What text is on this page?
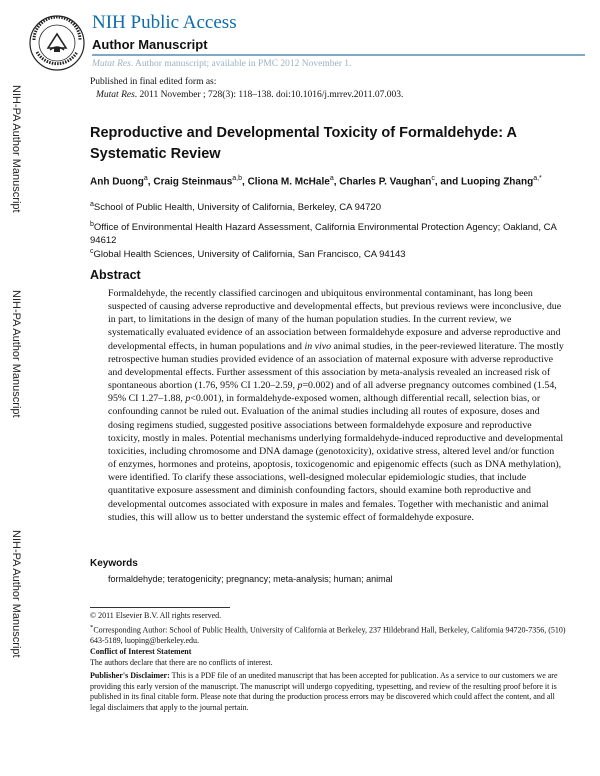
NIH Public Access
Author Manuscript
Mutat Res. Author manuscript; available in PMC 2012 November 1.
Published in final edited form as:
Mutat Res. 2011 November ; 728(3): 118–138. doi:10.1016/j.mrrev.2011.07.003.
NIH-PA Author Manuscript
NIH-PA Author Manuscript
NIH-PA Author Manuscript
Reproductive and Developmental Toxicity of Formaldehyde: A Systematic Review
Anh Duong$^a$, Craig Steinmaus$^{a,b}$, Cliona M. McHale$^a$, Charles P. Vaughan$^c$, and Luoping Zhang$^{a,*}$
$^a$School of Public Health, University of California, Berkeley, CA 94720
$^b$Office of Environmental Health Hazard Assessment, California Environmental Protection Agency; Oakland, CA 94612
$^c$Global Health Sciences, University of California, San Francisco, CA 94143
Abstract
Formaldehyde, the recently classified carcinogen and ubiquitous environmental contaminant, has long been suspected of causing adverse reproductive and developmental effects, but previous reviews were inconclusive, due in part, to limitations in the design of many of the human population studies. In the current review, we systematically evaluated evidence of an association between formaldehyde exposure and adverse reproductive and developmental effects, in human populations and in vivo animal studies, in the peer-reviewed literature. The mostly retrospective human studies provided evidence of an association of maternal exposure with adverse reproductive and developmental effects. Further assessment of this association by meta-analysis revealed an increased risk of spontaneous abortion (1.76, 95% CI 1.20–2.59, p=0.002) and of all adverse pregnancy outcomes combined (1.54, 95% CI 1.27–1.88, p<0.001), in formaldehyde-exposed women, although differential recall, selection bias, or confounding cannot be ruled out. Evaluation of the animal studies including all routes of exposure, doses and dosing regimens studied, suggested positive associations between formaldehyde exposure and reproductive toxicity, mostly in males. Potential mechanisms underlying formaldehyde-induced reproductive and developmental toxicities, including chromosome and DNA damage (genotoxicity), oxidative stress, altered level and/or function of enzymes, hormones and proteins, apoptosis, toxicogenomic and epigenomic effects (such as DNA methylation), were identified. To clarify these associations, well-designed molecular epidemiologic studies, that include quantitative exposure assessment and diminish confounding factors, should examine both reproductive and developmental outcomes associated with exposure in males and females. Together with mechanistic and animal studies, this will allow us to better understand the systemic effect of formaldehyde exposure.
Keywords
formaldehyde; teratogenicity; pregnancy; meta-analysis; human; animal
© 2011 Elsevier B.V. All rights reserved.
*Corresponding Author: School of Public Health, University of California at Berkeley, 237 Hildebrand Hall, Berkeley, California 94720-7356, (510) 643-5189, luoping@berkeley.edu.
Conflict of Interest Statement
The authors declare that there are no conflicts of interest.
Publisher's Disclaimer: This is a PDF file of an unedited manuscript that has been accepted for publication. As a service to our customers we are providing this early version of the manuscript. The manuscript will undergo copyediting, typesetting, and review of the resulting proof before it is published in its final citable form. Please note that during the production process errors may be discovered which could affect the content, and all legal disclaimers that apply to the journal pertain.
